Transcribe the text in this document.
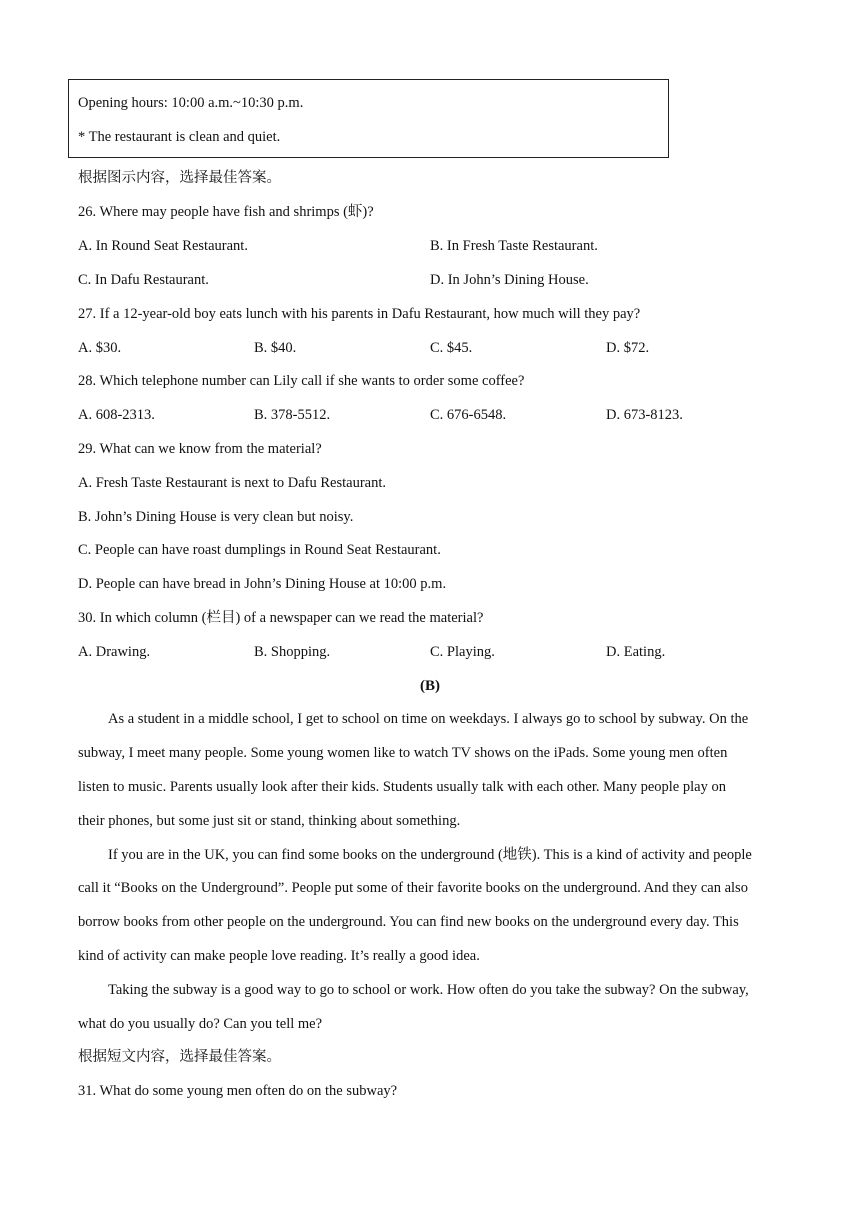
Opening hours: 10:00 a.m.~10:30 p.m.
* The restaurant is clean and quiet.
根据图示内容，选择最佳答案。
26. Where may people have fish and shrimps (虾)?
A. In Round Seat Restaurant.	B. In Fresh Taste Restaurant.
C. In Dafu Restaurant.	D. In John’s Dining House.
27. If a 12-year-old boy eats lunch with his parents in Dafu Restaurant, how much will they pay?
A. $30.	B. $40.	C. $45.	D. $72.
28. Which telephone number can Lily call if she wants to order some coffee?
A. 608-2313.	B. 378-5512.	C. 676-6548.	D. 673-8123.
29. What can we know from the material?
A. Fresh Taste Restaurant is next to Dafu Restaurant.
B. John’s Dining House is very clean but noisy.
C. People can have roast dumplings in Round Seat Restaurant.
D. People can have bread in John’s Dining House at 10:00 p.m.
30. In which column (栏目) of a newspaper can we read the material?
A. Drawing.	B. Shopping.	C. Playing.	D. Eating.
(B)
As a student in a middle school, I get to school on time on weekdays. I always go to school by subway. On the
subway, I meet many people. Some young women like to watch TV shows on the iPads. Some young men often
listen to music. Parents usually look after their kids. Students usually talk with each other. Many people play on
their phones, but some just sit or stand, thinking about something.
If you are in the UK, you can find some books on the underground (地铁). This is a kind of activity and people
call it “Books on the Underground”. People put some of their favorite books on the underground. And they can also
borrow books from other people on the underground. You can find new books on the underground every day. This
kind of activity can make people love reading. It’s really a good idea.
Taking the subway is a good way to go to school or work. How often do you take the subway? On the subway,
what do you usually do? Can you tell me?
根据短文内容，选择最佳答案。
31. What do some young men often do on the subway?
